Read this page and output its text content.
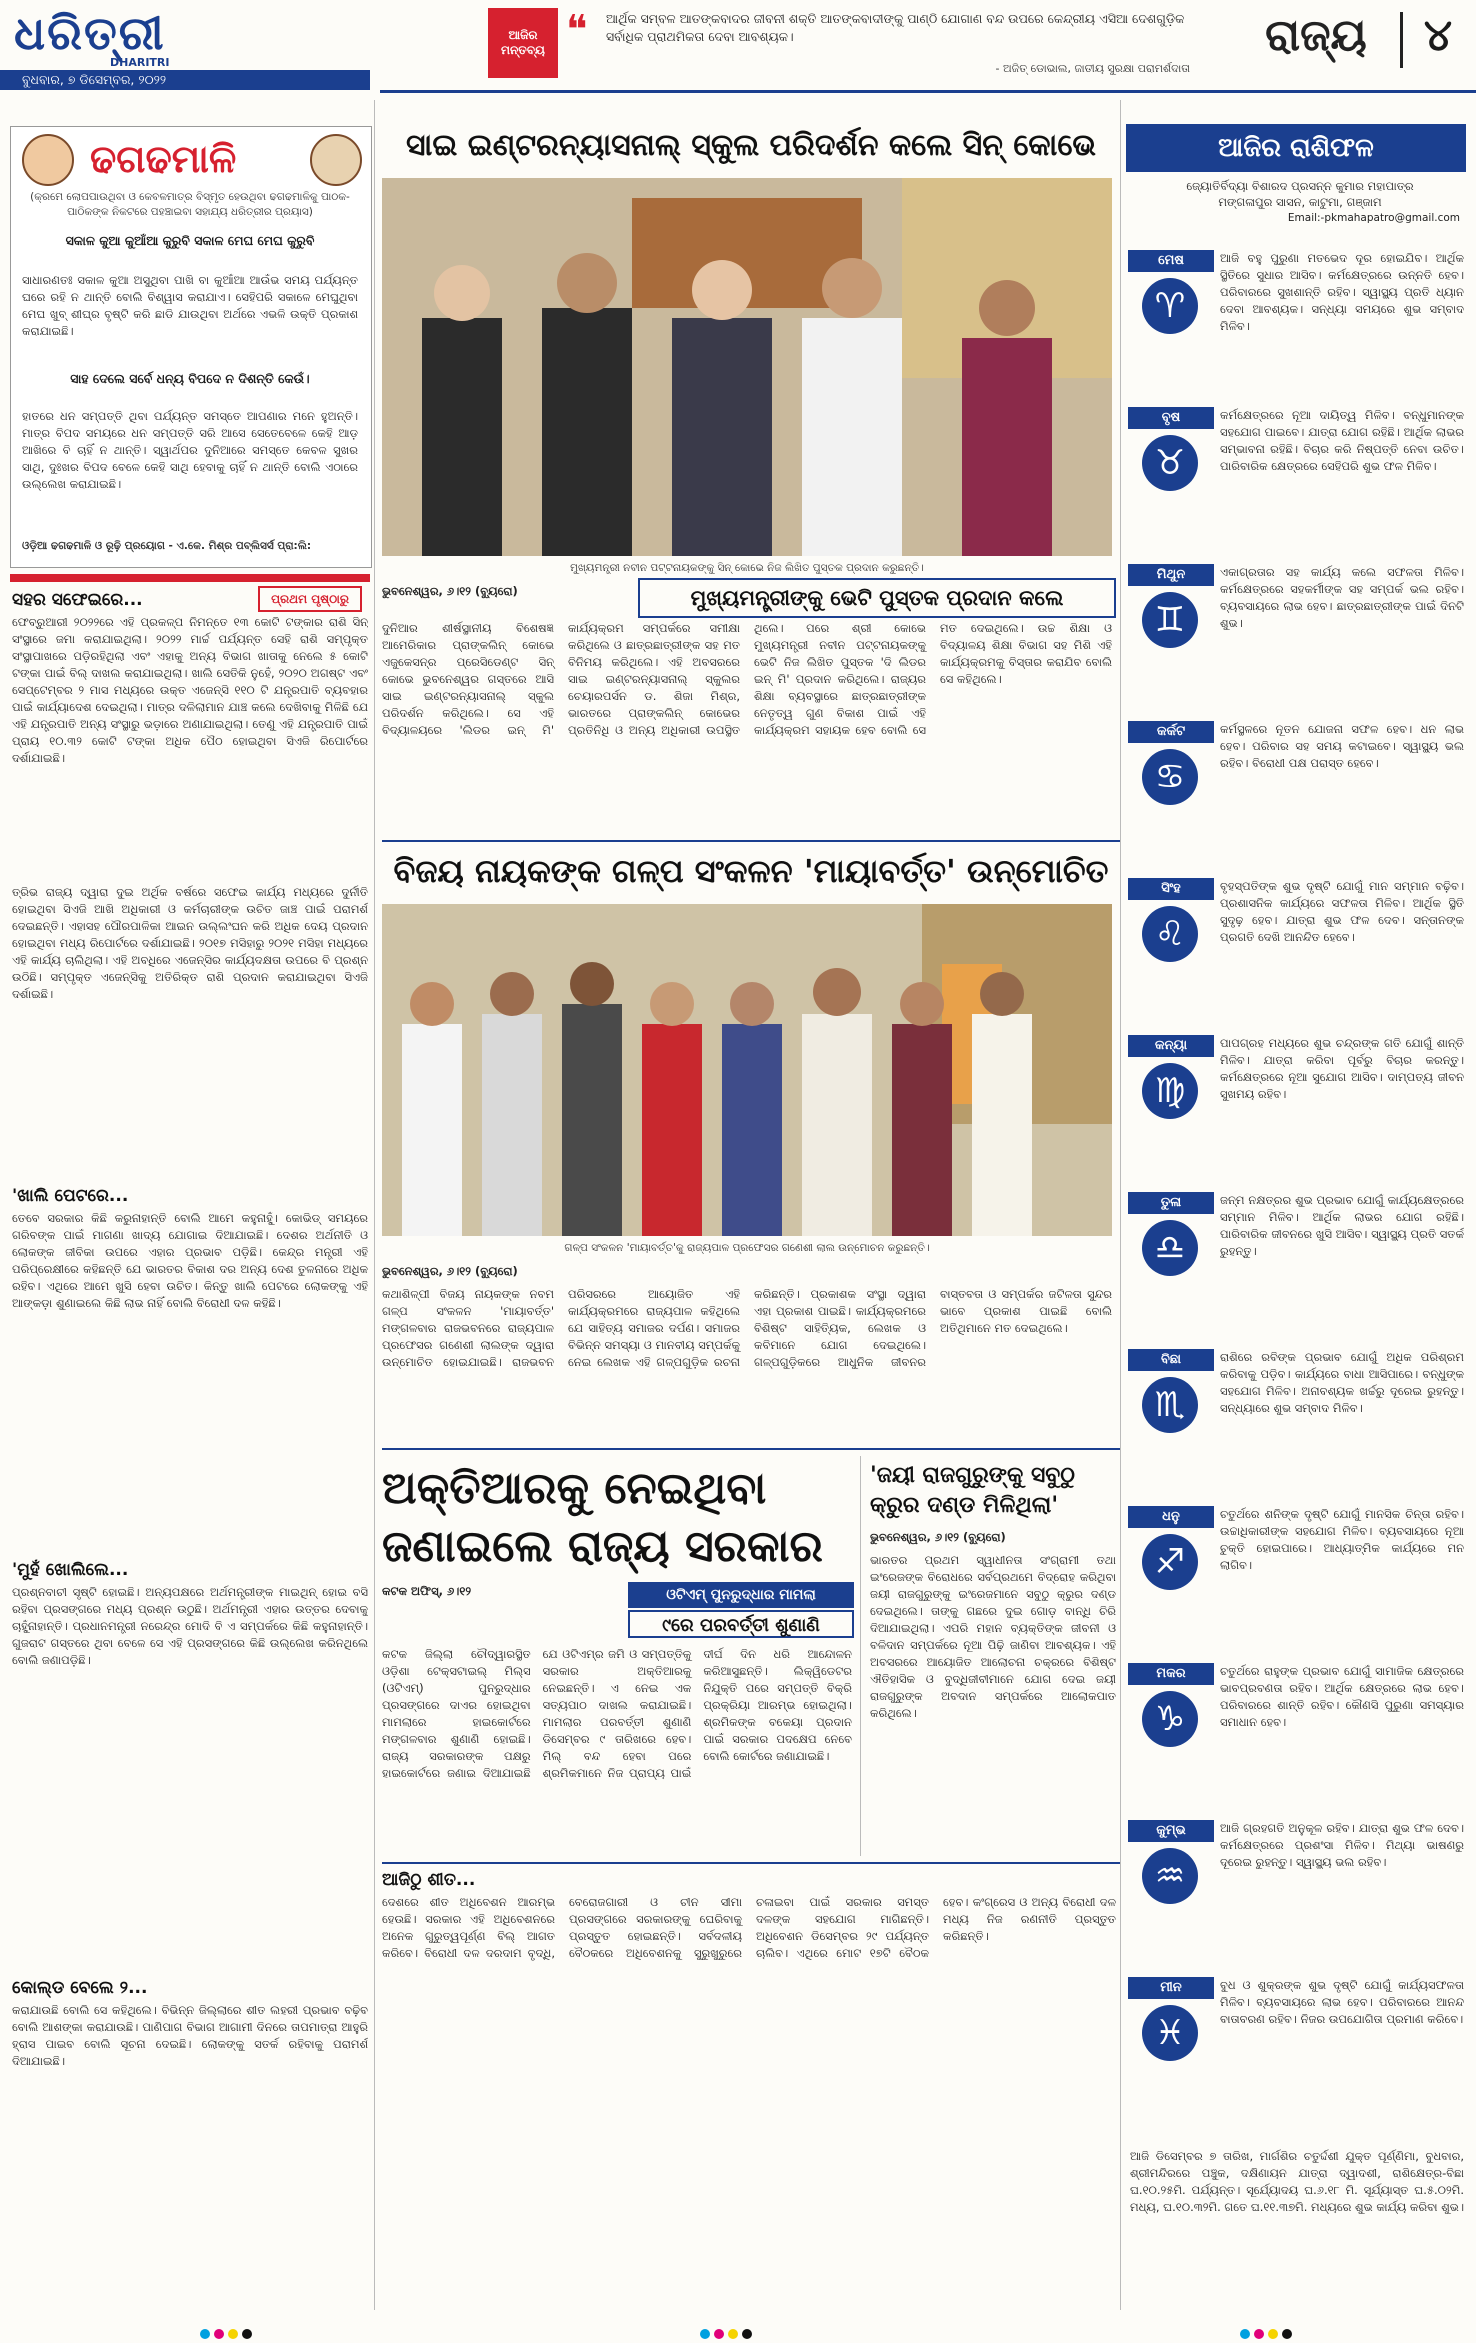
ଧରିତ୍ରୀ
DHARITRI
ବୁଧବାର, ୭ ଡିସେମ୍ବର, ୨୦୨୨
ଆଜିର ମନ୍ତବ୍ୟ ❝ ଆର୍ଥିକ ସମ୍ବଳ ଆତଙ୍କବାଦର ଜୀବନୀ ଶକ୍ତି ଆତଙ୍କବାଦୀଙ୍କୁ ପାଣ୍ଠି ଯୋଗାଣ ବନ୍ଦ ଉପରେ କେନ୍ଦ୍ରୀୟ ଏସିଆ ଦେଶଗୁଡ଼ିକ ସର୍ବାଧିକ ପ୍ରାଥମିକତା ଦେବା ଆବଶ୍ୟକ।
- ଅଜିତ୍ ଡୋଭାଲ, ଜାତୀୟ ସୁରକ୍ଷା ପରାମର୍ଶଦାତା
ରାଜ୍ୟ	୪
ଢଗଢମାଳି
(କ୍ରମେ ଲୋପପାଉଥିବା ଓ କେବଳମାତ୍ର ବିସ୍ମୃତ ହେଉଥିବା ଢଗଢମାଳିକୁ ପାଠକ-ପାଠିକଙ୍କ ନିକଟରେ ପହଞ୍ଚାଇବା ସହାଯ୍ୟ ଧରିତ୍ରୀର ପ୍ରୟାସ)
ସକାଳ କୁଆ କୁଆଁଆ କୁରୁବି ସକାଳ ମେଘ ମେଘ କୁରୁବି
ସାଧାରଣତଃ ସକାଳ କୁଆ ଅସୁଥିବା ପାଖି ବା କୁଆଁଆ ଆଉଁଭ ସମୟ ପର୍ଯ୍ୟନ୍ତ ଘରେ ରହି ନ ଥାନ୍ତି ବୋଲି ବିଶ୍ୱାସ କରାଯାଏ। ସେହିପରି ସକାଳେ ମେଘୁଥିବା ମେଘ ଖୁବ୍ ଶୀଘ୍ର ବୃଷ୍ଟି କରି ଛାଡି ଯାଉଥିବା ଅର୍ଥରେ ଏଭଳି ଉକ୍ତି ପ୍ରକାଶ କରାଯାଇଛି।
ସାହ ଦେଲେ ସର୍ବେ ଧନ୍ୟ ବିପଦେ ନ ଦିଶନ୍ତି କେଉଁ।
ହାତରେ ଧନ ସମ୍ପତ୍ତି ଥିବା ପର୍ଯ୍ୟନ୍ତ ସମସ୍ତେ ଆପଣାର ମନେ ହୁଅନ୍ତି। ମାତ୍ର ବିପଦ ସମୟରେ ଧନ ସମ୍ପତ୍ତି ସରି ଆସେ ସେତେବେଳେ କେହି ଆଡ଼ ଆଖିରେ ବି ଚାହିଁ ନ ଥାନ୍ତି। ସ୍ୱାର୍ଥପର ଦୁନିଆରେ ସମସ୍ତେ କେବଳ ସୁଖର ସାଥି, ଦୁଃଖର ବିପଦ ବେଳେ କେହି ସାଥି ହେବାକୁ ଚାହିଁ ନ ଥାନ୍ତି ବୋଲି ଏଠାରେ ଉଲ୍ଲେଖ କରାଯାଇଛି।
ଓଡ଼ିଆ ଢଗଢମାଳି ଓ ରୂଢ଼ି ପ୍ରୟୋଗ - ଏ.କେ. ମିଶ୍ର ପବ୍ଲିସର୍ସ ପ୍ରା:ଲି:
ସହର ସଫେଇରେ...	ପ୍ରଥମ ପୃଷ୍ଠାରୁ
ଫେବ୍ରୁଆରୀ ୨୦୨୨ରେ ଏହି ପ୍ରକଳ୍ପ ନିମନ୍ତେ ୧୩ କୋଟି ଟଙ୍କାର ରାଶି ସିନ୍ ସଂସ୍ଥାରେ ଜମା କରାଯାଇଥିଲା। ୨୦୨୨ ମାର୍ଚ୍ଚ ପର୍ଯ୍ୟନ୍ତ ସେହି ରାଶି ସମ୍ପୃକ୍ତ ସଂସ୍ଥାପାଖରେ ପଡ଼ିରହିଥିଲା ଏବଂ ଏହାକୁ ଅନ୍ୟ ବିଭାଗ ଖାତାକୁ ନେଲେ ୫ କୋଟି ଟଙ୍କା ପାଇଁ ବିଲ୍ ଦାଖଲ କରାଯାଇଥିଲା। ଖାଲି ସେତିକି ନୁହେଁ, ୨୦୨୦ ଅଗଷ୍ଟ ଏବଂ ସେପ୍ଟେମ୍ବର ୨ ମାସ ମଧ୍ୟରେ ଉକ୍ତ ଏଜେନ୍ସି ୧୧୦ ଟି ଯନ୍ତ୍ରପାତି ବ୍ୟବହାର ପାଇଁ କାର୍ଯ୍ୟାଦେଶ ଦେଇଥିଲା। ମାତ୍ର ଦଳିଲାମାନ ଯାଞ୍ଚ କଲେ ଦେଖିବାକୁ ମିଳିଛି ଯେ ଏହି ଯନ୍ତ୍ରପାତି ଅନ୍ୟ ସଂସ୍ଥାରୁ ଭଡ଼ାରେ ଅଣାଯାଇଥିଲା। ତେଣୁ ଏହି ଯନ୍ତ୍ରପାତି ପାଇଁ ପ୍ରାୟ ୧୦.୩୨ କୋଟି ଟଙ୍କା ଅଧିକ ପୈଠ ହୋଇଥିବା ସିଏଜି ରିପୋର୍ଟରେ ଦର୍ଶାଯାଇଛି।
ତ୍ରିଭ ରାଜ୍ୟ ଦ୍ୱାରା ଦୁଇ ଅର୍ଥିକ ବର୍ଷରେ ସଫେଇ କାର୍ଯ୍ୟ ମଧ୍ୟରେ ଦୁର୍ନୀତି ହୋଇଥିବା ସିଏଜି ଆଖି ଅଧିକାରୀ ଓ କର୍ମଚାରୀଙ୍କ ଉଚିତ ଜାଞ୍ଚ ପାଇଁ ପରାମର୍ଶ ଦେଇଛନ୍ତି। ଏହାସହ ପୌରପାଳିକା ଆଇନ ଉଲ୍ଲଂଘନ କରି ଅଧିକ ଦେୟ ପ୍ରଦାନ ହୋଇଥିବା ମଧ୍ୟ ରିପୋର୍ଟରେ ଦର୍ଶାଯାଇଛି। ୨୦୧୭ ମସିହାରୁ ୨୦୨୧ ମସିହା ମଧ୍ୟରେ ଏହି କାର୍ଯ୍ୟ ଚାଲିଥିଲା। ଏହି ଅବଧିରେ ଏଜେନ୍ସିର କାର୍ଯ୍ୟଦକ୍ଷତା ଉପରେ ବି ପ୍ରଶ୍ନ ଉଠିଛି। ସମ୍ପୃକ୍ତ ଏଜେନ୍ସିକୁ ଅତିରିକ୍ତ ରାଶି ପ୍ରଦାନ କରାଯାଇଥିବା ସିଏଜି ଦର୍ଶାଇଛି।
'ଖାଲି ପେଟରେ...
ତେବେ ସରକାର କିଛି କରୁନାହାନ୍ତି ବୋଲି ଆମେ କହୁନାହୁଁ। କୋଭିଡ୍ ସମୟରେ ଗରିବଙ୍କ ପାଇଁ ମାଗଣା ଖାଦ୍ୟ ଯୋଗାଇ ଦିଆଯାଇଛି। ଦେଶର ଅର୍ଥନୀତି ଓ ଲୋକଙ୍କ ଜୀବିକା ଉପରେ ଏହାର ପ୍ରଭାବ ପଡ଼ିଛି। କେନ୍ଦ୍ର ମନ୍ତ୍ରୀ ଏହି ପରିପ୍ରେକ୍ଷୀରେ କହିଛନ୍ତି ଯେ ଭାରତର ବିକାଶ ଦର ଅନ୍ୟ ଦେଶ ତୁଳନାରେ ଅଧିକ ରହିବ। ଏଥିରେ ଆମେ ଖୁସି ହେବା ଉଚିତ। କିନ୍ତୁ ଖାଲି ପେଟରେ ଲୋକଙ୍କୁ ଏହି ଆଙ୍କଡ଼ା ଶୁଣାଇଲେ କିଛି ଲାଭ ନାହିଁ ବୋଲି ବିରୋଧୀ ଦଳ କହିଛି।
'ମୁହଁ ଖୋଲିଲେ...
ପ୍ରଶ୍ନବାଚୀ ସୃଷ୍ଟି ହୋଇଛି। ଅନ୍ୟପକ୍ଷରେ ଅର୍ଥମନ୍ତ୍ରୀଙ୍କ ମାଇଥିନ୍ ହୋଇ ବସି ରହିବା ପ୍ରସଙ୍ଗରେ ମଧ୍ୟ ପ୍ରଶ୍ନ ଉଠୁଛି। ଅର୍ଥମନ୍ତ୍ରୀ ଏହାର ଉତ୍ତର ଦେବାକୁ ଚାହୁଁନାହାନ୍ତି। ପ୍ରଧାନମନ୍ତ୍ରୀ ନରେନ୍ଦ୍ର ମୋଦି ବି ଏ ସମ୍ପର୍କରେ କିଛି କହୁନାହାନ୍ତି। ଗୁଜରାଟ ଗସ୍ତରେ ଥିବା ବେଳେ ସେ ଏହି ପ୍ରସଙ୍ଗରେ କିଛି ଉଲ୍ଲେଖ କରିନଥିଲେ ବୋଲି ଜଣାପଡ଼ିଛି।
କୋଲ୍ଡ ବେଲେ ୨...
କରାଯାଉଛି ବୋଲି ସେ କହିଥିଲେ। ବିଭିନ୍ନ ଜିଲ୍ଲାରେ ଶୀତ ଲହରୀ ପ୍ରଭାବ ବଢ଼ିବ ବୋଲି ଆଶଙ୍କା କରାଯାଉଛି। ପାଣିପାଗ ବିଭାଗ ଆଗାମୀ ଦିନରେ ତାପମାତ୍ରା ଆହୁରି ହ୍ରାସ ପାଇବ ବୋଲି ସୂଚନା ଦେଇଛି। ଲୋକଙ୍କୁ ସତର୍କ ରହିବାକୁ ପରାମର୍ଶ ଦିଆଯାଇଛି।
ସାଇ ଇଣ୍ଟରନ୍ୟାସନାଲ୍ ସ୍କୁଲ ପରିଦର୍ଶନ କଲେ ସିନ୍ କୋଭେ
ମୁଖ୍ୟମନ୍ତ୍ରୀ ନବୀନ ପଟ୍ଟନାୟକଙ୍କୁ ସିନ୍ କୋଭେ ନିଜ ଲିଖିତ ପୁସ୍ତକ ପ୍ରଦାନ କରୁଛନ୍ତି।
ଭୁବନେଶ୍ୱର, ୬।୧୨ (ବ୍ୟୁରୋ)	ମୁଖ୍ୟମନ୍ତ୍ରୀଙ୍କୁ ଭେଟି ପୁସ୍ତକ ପ୍ରଦାନ କଲେ
ଦୁନିଆର ଶୀର୍ଷସ୍ଥାନୀୟ ବିଶେଷଜ୍ଞ ଆମେରିକାର ପ୍ରାଙ୍କଲିନ୍ କୋଭେ ଏଜୁକେସନ୍ର ପ୍ରେସିଡେଣ୍ଟ ସିନ୍ କୋଭେ ଭୁବନେଶ୍ୱର ଗସ୍ତରେ ଆସି ସାଇ ଇଣ୍ଟରନ୍ୟାସନାଲ୍ ସ୍କୁଲ ପରିଦର୍ଶନ କରିଥିଲେ। ସେ ଏହି ବିଦ୍ୟାଳୟରେ 'ଲିଡର ଇନ୍ ମି' କାର୍ଯ୍ୟକ୍ରମ ସମ୍ପର୍କରେ ସମୀକ୍ଷା କରିଥିଲେ ଓ ଛାତ୍ରଛାତ୍ରୀଙ୍କ ସହ ମତ ବିନିମୟ କରିଥିଲେ। ଏହି ଅବସରରେ ସାଇ ଇଣ୍ଟରନ୍ୟାସନାଲ୍ ସ୍କୁଲର ଚେୟାରପର୍ସନ ଡ. ଶିଜା ମିଶ୍ର, ଭାରତରେ ପ୍ରାଙ୍କଲିନ୍ କୋଭେର ପ୍ରତିନିଧି ଓ ଅନ୍ୟ ଅଧିକାରୀ ଉପସ୍ଥିତ ଥିଲେ। ପରେ ଶ୍ରୀ କୋଭେ ମୁଖ୍ୟମନ୍ତ୍ରୀ ନବୀନ ପଟ୍ଟନାୟକଙ୍କୁ ଭେଟି ନିଜ ଲିଖିତ ପୁସ୍ତକ 'ଦି ଲିଡର ଇନ୍ ମି' ପ୍ରଦାନ କରିଥିଲେ। ରାଜ୍ୟର ଶିକ୍ଷା ବ୍ୟବସ୍ଥାରେ ଛାତ୍ରଛାତ୍ରୀଙ୍କ ନେତୃତ୍ୱ ଗୁଣ ବିକାଶ ପାଇଁ ଏହି କାର୍ଯ୍ୟକ୍ରମ ସହାୟକ ହେବ ବୋଲି ସେ ମତ ଦେଇଥିଲେ। ଉଚ୍ଚ ଶିକ୍ଷା ଓ ବିଦ୍ୟାଳୟ ଶିକ୍ଷା ବିଭାଗ ସହ ମିଶି ଏହି କାର୍ଯ୍ୟକ୍ରମକୁ ବିସ୍ତାର କରାଯିବ ବୋଲି ସେ କହିଥିଲେ।
ବିଜୟ ନାୟକଙ୍କ ଗଳ୍ପ ସଂକଳନ 'ମାୟାବର୍ତ୍ତ' ଉନ୍ମୋଚିତ
ଗଳ୍ପ ସଂକଳନ 'ମାୟାବର୍ତ୍ତ'କୁ ରାଜ୍ୟପାଳ ପ୍ରଫେସର ଗଣେଶୀ ଲାଲ ଉନ୍ମୋଚନ କରୁଛନ୍ତି।
ଭୁବନେଶ୍ୱର, ୬।୧୨ (ବ୍ୟୁରୋ)
କଥାଶିଳ୍ପୀ ବିଜୟ ନାୟକଙ୍କ ନବମ ଗଳ୍ପ ସଂକଳନ 'ମାୟାବର୍ତ୍ତ' ମଙ୍ଗଳବାର ରାଜଭବନରେ ରାଜ୍ୟପାଳ ପ୍ରଫେସର ଗଣେଶୀ ଲାଲଙ୍କ ଦ୍ୱାରା ଉନ୍ମୋଚିତ ହୋଇଯାଇଛି। ରାଜଭବନ ପରିସରରେ ଆୟୋଜିତ ଏହି କାର୍ଯ୍ୟକ୍ରମରେ ରାଜ୍ୟପାଳ କହିଥିଲେ ଯେ ସାହିତ୍ୟ ସମାଜର ଦର୍ପଣ। ସମାଜର ବିଭିନ୍ନ ସମସ୍ୟା ଓ ମାନବୀୟ ସମ୍ପର୍କକୁ ନେଇ ଲେଖକ ଏହି ଗଳ୍ପଗୁଡ଼ିକ ରଚନା କରିଛନ୍ତି। ପ୍ରକାଶକ ସଂସ୍ଥା ଦ୍ୱାରା ଏହା ପ୍ରକାଶ ପାଇଛି। କାର୍ଯ୍ୟକ୍ରମରେ ବିଶିଷ୍ଟ ସାହିତ୍ୟିକ, ଲେଖକ ଓ କବିମାନେ ଯୋଗ ଦେଇଥିଲେ। ଗଳ୍ପଗୁଡ଼ିକରେ ଆଧୁନିକ ଜୀବନର ବାସ୍ତବତା ଓ ସମ୍ପର୍କର ଜଟିଳତା ସୁନ୍ଦର ଭାବେ ପ୍ରକାଶ ପାଇଛି ବୋଲି ଅତିଥିମାନେ ମତ ଦେଇଥିଲେ।
ଅକ୍ତିଆରକୁ ନେଇଥିବା ଜଣାଇଲେ ରାଜ୍ୟ ସରକାର
କଟକ ଅଫିସ୍, ୬।୧୨	ଓଟିଏମ୍ ପୁନରୁଦ୍ଧାର ମାମଲା
୯ରେ ପରବର୍ତ୍ତୀ ଶୁଣାଣି
କଟକ ଜିଲ୍ଲା ଚୌଦ୍ୱାରସ୍ଥିତ ଓଡ଼ିଶା ଟେକ୍ସଟାଇଲ୍ ମିଲ୍ସ (ଓଟିଏମ୍) ପୁନରୁଦ୍ଧାର ପ୍ରସଙ୍ଗରେ ଦାଏର ହୋଇଥିବା ମାମଲାରେ ହାଇକୋର୍ଟରେ ମଙ୍ଗଳବାର ଶୁଣାଣି ହୋଇଛି। ରାଜ୍ୟ ସରକାରଙ୍କ ପକ୍ଷରୁ ହାଇକୋର୍ଟରେ ଜଣାଇ ଦିଆଯାଇଛି ଯେ ଓଟିଏମ୍ର ଜମି ଓ ସମ୍ପତ୍ତିକୁ ସରକାର ଅକ୍ତିଆରକୁ ନେଇଛନ୍ତି। ଏ ନେଇ ଏକ ସତ୍ୟପାଠ ଦାଖଲ କରାଯାଇଛି। ମାମଲାର ପରବର୍ତ୍ତୀ ଶୁଣାଣି ଡିସେମ୍ବର ୯ ତାରିଖରେ ହେବ। ମିଲ୍ ବନ୍ଦ ହେବା ପରେ ଶ୍ରମିକମାନେ ନିଜ ପ୍ରାପ୍ୟ ପାଇଁ ଦୀର୍ଘ ଦିନ ଧରି ଆନ୍ଦୋଳନ କରିଆସୁଛନ୍ତି। ଲିକ୍ୱିଡେଟର ନିଯୁକ୍ତି ପରେ ସମ୍ପତ୍ତି ବିକ୍ରି ପ୍ରକ୍ରିୟା ଆରମ୍ଭ ହୋଇଥିଲା। ଶ୍ରମିକଙ୍କ ବକେୟା ପ୍ରଦାନ ପାଇଁ ସରକାର ପଦକ୍ଷେପ ନେବେ ବୋଲି କୋର୍ଟରେ ଜଣାଯାଇଛି।
'ଜୟୀ ରାଜଗୁରୁଙ୍କୁ ସବୁଠୁ କ୍ରୁର ଦଣ୍ଡ ମିଳିଥିଲା'
ଭୁବନେଶ୍ୱର, ୬।୧୨ (ବ୍ୟୁରୋ)
ଭାରତର ପ୍ରଥମ ସ୍ୱାଧୀନତା ସଂଗ୍ରାମୀ ତଥା ଇଂରେଜଙ୍କ ବିରୋଧରେ ସର୍ବପ୍ରଥମେ ବିଦ୍ରୋହ କରିଥିବା ଜୟୀ ରାଜଗୁରୁଙ୍କୁ ଇଂରେଜମାନେ ସବୁଠୁ କ୍ରୁର ଦଣ୍ଡ ଦେଇଥିଲେ। ତାଙ୍କୁ ଗଛରେ ଦୁଇ ଗୋଡ଼ ବାନ୍ଧି ଚିରି ଦିଆଯାଇଥିଲା। ଏପରି ମହାନ ବ୍ୟକ୍ତିଙ୍କ ଜୀବନୀ ଓ ବଳିଦାନ ସମ୍ପର୍କରେ ନୂଆ ପିଢ଼ି ଜାଣିବା ଆବଶ୍ୟକ। ଏହି ଅବସରରେ ଆୟୋଜିତ ଆଲୋଚନା ଚକ୍ରରେ ବିଶିଷ୍ଟ ଐତିହାସିକ ଓ ବୁଦ୍ଧିଜୀବୀମାନେ ଯୋଗ ଦେଇ ଜୟୀ ରାଜଗୁରୁଙ୍କ ଅବଦାନ ସମ୍ପର୍କରେ ଆଲୋକପାତ କରିଥିଲେ।
ଆଜିଠୁ ଶୀତ...
ଦେଶରେ ଶୀତ ଅଧିବେଶନ ଆରମ୍ଭ ହେଉଛି। ସରକାର ଏହି ଅଧିବେଶନରେ ଅନେକ ଗୁରୁତ୍ୱପୂର୍ଣ୍ଣ ବିଲ୍ ଆଗତ କରିବେ। ବିରୋଧୀ ଦଳ ଦରଦାମ ବୃଦ୍ଧି, ବେରୋଜଗାରୀ ଓ ଚୀନ ସୀମା ପ୍ରସଙ୍ଗରେ ସରକାରଙ୍କୁ ଘେରିବାକୁ ପ୍ରସ୍ତୁତ ହୋଇଛନ୍ତି। ସର୍ବଦଳୀୟ ବୈଠକରେ ଅଧିବେଶନକୁ ସୁରୁଖୁରୁରେ ଚଳାଇବା ପାଇଁ ସରକାର ସମସ୍ତ ଦଳଙ୍କ ସହଯୋଗ ମାଗିଛନ୍ତି। ଅଧିବେଶନ ଡିସେମ୍ବର ୨୯ ପର୍ଯ୍ୟନ୍ତ ଚାଲିବ। ଏଥିରେ ମୋଟ ୧୭ଟି ବୈଠକ ହେବ। କଂଗ୍ରେସ ଓ ଅନ୍ୟ ବିରୋଧୀ ଦଳ ମଧ୍ୟ ନିଜ ରଣନୀତି ପ୍ରସ୍ତୁତ କରିଛନ୍ତି।
ଆଜିର ରାଶିଫଳ
ଜ୍ୟୋତିର୍ବିଦ୍ୟା ବିଶାରଦ ପ୍ରସନ୍ନ କୁମାର ମହାପାତ୍ର
ମଙ୍ଗଳାପୁର ସାସନ, କାଟୁମା, ଗଞ୍ଜାମ
Email:-pkmahapatro@gmail.com
ମେଷ
♈
ଆଜି ବହୁ ପୁରୁଣା ମତଭେଦ ଦୂର ହୋଇଯିବ। ଆର୍ଥିକ ସ୍ଥିତିରେ ସୁଧାର ଆସିବ। କର୍ମକ୍ଷେତ୍ରରେ ଉନ୍ନତି ହେବ। ପରିବାରରେ ସୁଖଶାନ୍ତି ରହିବ। ସ୍ୱାସ୍ଥ୍ୟ ପ୍ରତି ଧ୍ୟାନ ଦେବା ଆବଶ୍ୟକ। ସନ୍ଧ୍ୟା ସମୟରେ ଶୁଭ ସମ୍ବାଦ ମିଳିବ।
ବୃଷ
♉
କର୍ମକ୍ଷେତ୍ରରେ ନୂଆ ଦାୟିତ୍ୱ ମିଳିବ। ବନ୍ଧୁମାନଙ୍କ ସହଯୋଗ ପାଇବେ। ଯାତ୍ରା ଯୋଗ ରହିଛି। ଆର୍ଥିକ ଲାଭର ସମ୍ଭାବନା ରହିଛି। ବିଚାର କରି ନିଷ୍ପତ୍ତି ନେବା ଉଚିତ। ପାରିବାରିକ କ୍ଷେତ୍ରରେ ସେହିପରି ଶୁଭ ଫଳ ମିଳିବ।
ମିଥୁନ
♊
ଏକାଗ୍ରତାର ସହ କାର୍ଯ୍ୟ କଲେ ସଫଳତା ମିଳିବ। କର୍ମକ୍ଷେତ୍ରରେ ସହକର୍ମୀଙ୍କ ସହ ସମ୍ପର୍କ ଭଲ ରହିବ। ବ୍ୟବସାୟରେ ଲାଭ ହେବ। ଛାତ୍ରଛାତ୍ରୀଙ୍କ ପାଇଁ ଦିନଟି ଶୁଭ।
କର୍କଟ
♋
କର୍ମସ୍ଥଳରେ ନୂତନ ଯୋଜନା ସଫଳ ହେବ। ଧନ ଲାଭ ହେବ। ପରିବାର ସହ ସମୟ କଟାଇବେ। ସ୍ୱାସ୍ଥ୍ୟ ଭଲ ରହିବ। ବିରୋଧୀ ପକ୍ଷ ପରାସ୍ତ ହେବେ।
ସିଂହ
♌
ବୃହସ୍ପତିଙ୍କ ଶୁଭ ଦୃଷ୍ଟି ଯୋଗୁଁ ମାନ ସମ୍ମାନ ବଢ଼ିବ। ପ୍ରଶାସନିକ କାର୍ଯ୍ୟରେ ସଫଳତା ମିଳିବ। ଆର୍ଥିକ ସ୍ଥିତି ସୁଦୃଢ଼ ହେବ। ଯାତ୍ରା ଶୁଭ ଫଳ ଦେବ। ସନ୍ତାନଙ୍କ ପ୍ରଗତି ଦେଖି ଆନନ୍ଦିତ ହେବେ।
କନ୍ୟା
♍
ପାପଗ୍ରହ ମଧ୍ୟରେ ଶୁଭ ଚନ୍ଦ୍ରଙ୍କ ଗତି ଯୋଗୁଁ ଶାନ୍ତି ମିଳିବ। ଯାତ୍ରା କରିବା ପୂର୍ବରୁ ବିଚାର କରନ୍ତୁ। କର୍ମକ୍ଷେତ୍ରରେ ନୂଆ ସୁଯୋଗ ଆସିବ। ଦାମ୍ପତ୍ୟ ଜୀବନ ସୁଖମୟ ରହିବ।
ତୁଳା
♎
ଜନ୍ମ ନକ୍ଷତ୍ରର ଶୁଭ ପ୍ରଭାବ ଯୋଗୁଁ କାର୍ଯ୍ୟକ୍ଷେତ୍ରରେ ସମ୍ମାନ ମିଳିବ। ଆର୍ଥିକ ଲାଭର ଯୋଗ ରହିଛି। ପାରିବାରିକ ଜୀବନରେ ଖୁସି ଆସିବ। ସ୍ୱାସ୍ଥ୍ୟ ପ୍ରତି ସତର୍କ ରୁହନ୍ତୁ।
ବିଛା
♏
ରାଶିରେ ରବିଙ୍କ ପ୍ରଭାବ ଯୋଗୁଁ ଅଧିକ ପରିଶ୍ରମ କରିବାକୁ ପଡ଼ିବ। କାର୍ଯ୍ୟରେ ବାଧା ଆସିପାରେ। ବନ୍ଧୁଙ୍କ ସହଯୋଗ ମିଳିବ। ଅନାବଶ୍ୟକ ଖର୍ଚ୍ଚରୁ ଦୂରେଇ ରୁହନ୍ତୁ। ସନ୍ଧ୍ୟାରେ ଶୁଭ ସମ୍ବାଦ ମିଳିବ।
ଧନୁ
♐
ଚତୁର୍ଥରେ ଶନିଙ୍କ ଦୃଷ୍ଟି ଯୋଗୁଁ ମାନସିକ ଚିନ୍ତା ରହିବ। ଉଚ୍ଚାଧିକାରୀଙ୍କ ସହଯୋଗ ମିଳିବ। ବ୍ୟବସାୟରେ ନୂଆ ଚୁକ୍ତି ହୋଇପାରେ। ଆଧ୍ୟାତ୍ମିକ କାର୍ଯ୍ୟରେ ମନ ଲାଗିବ।
ମକର
♑
ଚତୁର୍ଥରେ ରାହୁଙ୍କ ପ୍ରଭାବ ଯୋଗୁଁ ସାମାଜିକ କ୍ଷେତ୍ରରେ ଭାବପ୍ରବଣତା ରହିବ। ଆର୍ଥିକ କ୍ଷେତ୍ରରେ ଲାଭ ହେବ। ପରିବାରରେ ଶାନ୍ତି ରହିବ। କୌଣସି ପୁରୁଣା ସମସ୍ୟାର ସମାଧାନ ହେବ।
କୁମ୍ଭ
♒
ଆଜି ଗ୍ରହଗତି ଅନୁକୂଳ ରହିବ। ଯାତ୍ରା ଶୁଭ ଫଳ ଦେବ। କର୍ମକ୍ଷେତ୍ରରେ ପ୍ରଶଂସା ମିଳିବ। ମିଥ୍ୟା ଭାଷଣରୁ ଦୂରେଇ ରୁହନ୍ତୁ। ସ୍ୱାସ୍ଥ୍ୟ ଭଲ ରହିବ।
ମୀନ
♓
ବୁଧ ଓ ଶୁକ୍ରଙ୍କ ଶୁଭ ଦୃଷ୍ଟି ଯୋଗୁଁ କାର୍ଯ୍ୟସଫଳତା ମିଳିବ। ବ୍ୟବସାୟରେ ଲାଭ ହେବ। ପରିବାରରେ ଆନନ୍ଦ ବାତାବରଣ ରହିବ। ନିଜର ଉପଯୋଗିତା ପ୍ରମାଣ କରିବେ।
ଆଜି ଡିସେମ୍ବର ୭ ତାରିଖ, ମାର୍ଗଶିର ଚତୁର୍ଦ୍ଦଶୀ ଯୁକ୍ତ ପୂର୍ଣ୍ଣିମା, ବୁଧବାର, ଶ୍ରୀମନ୍ଦିରରେ ପଞ୍ଚୁକ, ଦକ୍ଷିଣାୟନ ଯାତ୍ରା ଦ୍ୱାଦଶୀ, ରାଶିକ୍ଷେତ୍ର-ବିଛା ଘ.୧୦.୨୫ମି. ପର୍ଯ୍ୟନ୍ତ। ସୂର୍ଯ୍ୟୋଦୟ ଘ.୬.୧୮ ମି. ସୂର୍ଯ୍ୟାସ୍ତ ଘ.୫.୦୨ମି. ମଧ୍ୟ, ଘ.୧୦.୩୨ମି. ଗତେ ଘ.୧୧.୩୭ମି. ମଧ୍ୟରେ ଶୁଭ କାର୍ଯ୍ୟ କରିବା ଶୁଭ।
